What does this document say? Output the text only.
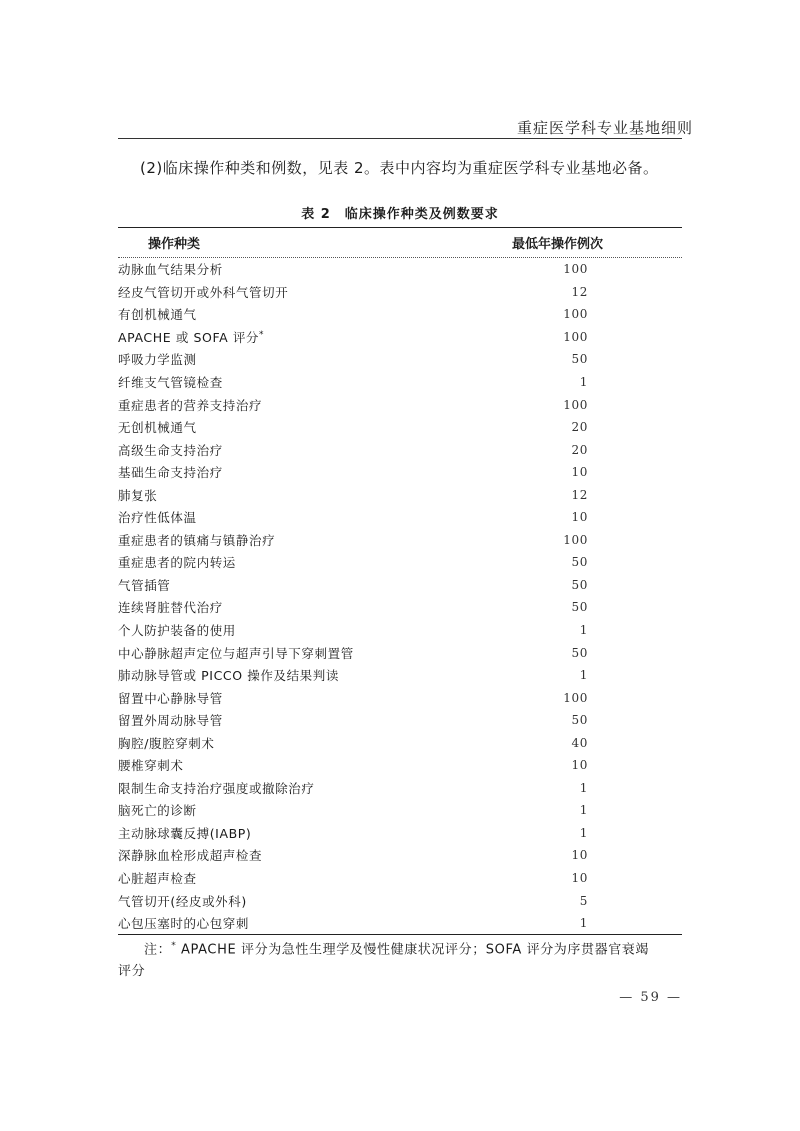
重症医学科专业基地细则
(2)临床操作种类和例数，见表 2。表中内容均为重症医学科专业基地必备。
表 2 临床操作种类及例数要求
操作种类	最低年操作例次
动脉血气结果分析	100
经皮气管切开或外科气管切开	12
有创机械通气	100
APACHE 或 SOFA 评分*	100
呼吸力学监测	50
纤维支气管镜检查	1
重症患者的营养支持治疗	100
无创机械通气	20
高级生命支持治疗	20
基础生命支持治疗	10
肺复张	12
治疗性低体温	10
重症患者的镇痛与镇静治疗	100
重症患者的院内转运	50
气管插管	50
连续肾脏替代治疗	50
个人防护装备的使用	1
中心静脉超声定位与超声引导下穿刺置管	50
肺动脉导管或 PICCO 操作及结果判读	1
留置中心静脉导管	100
留置外周动脉导管	50
胸腔/腹腔穿刺术	40
腰椎穿刺术	10
限制生命支持治疗强度或撤除治疗	1
脑死亡的诊断	1
主动脉球囊反搏(IABP)	1
深静脉血栓形成超声检查	10
心脏超声检查	10
气管切开(经皮或外科)	5
心包压塞时的心包穿刺	1
注：* APACHE 评分为急性生理学及慢性健康状况评分；SOFA 评分为序贯器官衰竭
评分
— 59 —
